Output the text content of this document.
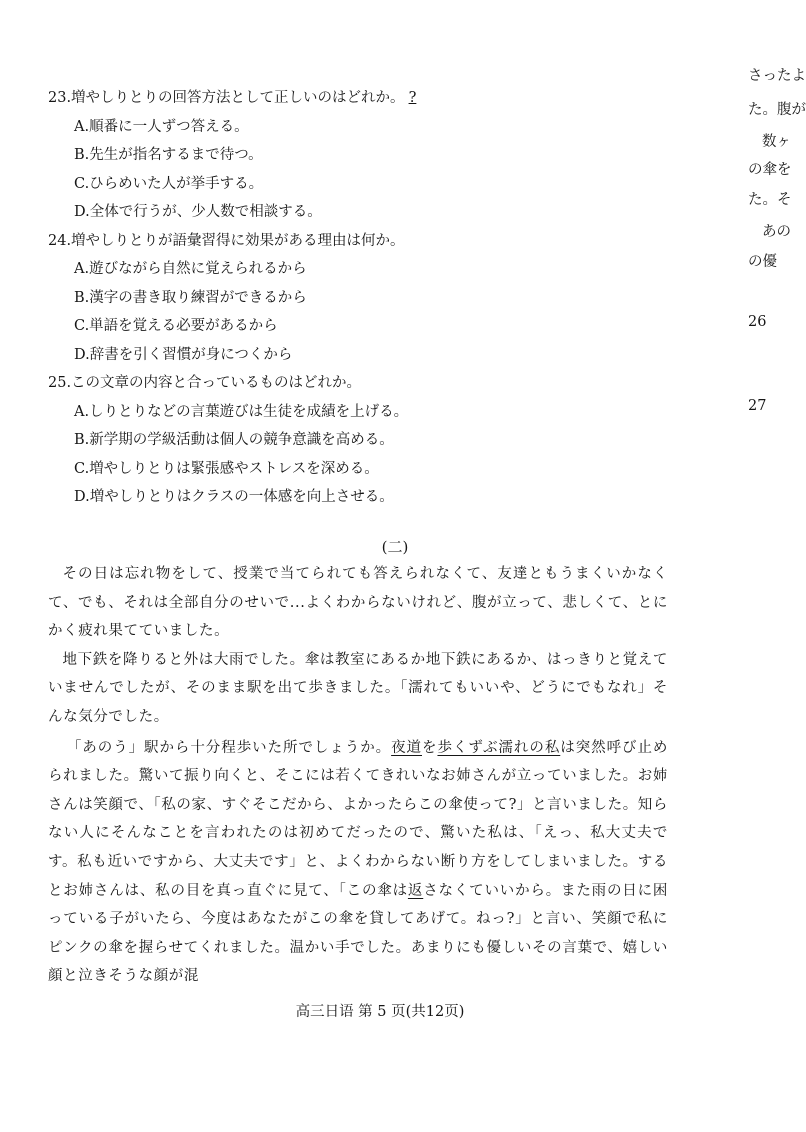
23.増やしりとりの回答方法として正しいのはどれか。 ?
A.順番に一人ずつ答える。
B.先生が指名するまで待つ。
C.ひらめいた人が挙手する。
D.全体で行うが、少人数で相談する。
24.増やしりとりが語彙習得に効果がある理由は何か。
A.遊びながら自然に覚えられるから
B.漢字の書き取り練習ができるから
C.単語を覚える必要があるから
D.辞書を引く習慣が身につくから
25.この文章の内容と合っているものはどれか。
A.しりとりなどの言葉遊びは生徒を成績を上げる。
B.新学期の学級活動は個人の競争意識を高める。
C.増やしりとりは緊張感やストレスを深める。
D.増やしりとりはクラスの一体感を向上させる。
さったよ
た。腹が
数ヶ
の傘を
た。そ
あの
の優
26
27
(二)

その日は忘れ物をして、授業で当てられても答えられなくて、友達ともうまくいかなくて、でも、それは全部自分のせいで...よくわからないけれど、腹が立って、悲しくて、とにかく疲れ果てていました。

地下鉄を降りると外は大雨でした。傘は教室にあるか地下鉄にあるか、はっきりと覚えていませんでしたが、そのまま駅を出て歩きました。「濡れてもいいや、どうにでもなれ」そんな気分でした。

「あのう」駅から十分程歩いた所でしょうか。夜道を歩くずぶ濡れの私は突然呼び止められました。驚いて振り向くと、そこには若くてきれいなお姉さんが立っていました。お姉さんは笑顔で、「私の家、すぐそこだから、よかったらこの傘使って?」と言いました。知らない人にそんなことを言われたのは初めてだったので、驚いた私は、「えっ、私大丈夫です。私も近いですから、大丈夫です」と、よくわからない断り方をしてしまいました。するとお姉さんは、私の目を真っ直ぐに見て、「この傘は返さなくていいから。また雨の日に困っている子がいたら、今度はあなたがこの傘を貸してあげて。ねっ?」と言い、笑顔で私にピンクの傘を握らせてくれました。温かい手でした。あまりにも優しいその言葉で、嬉しい顔と泣きそうな顔が混

高三日语 第 5 页(共12页)
